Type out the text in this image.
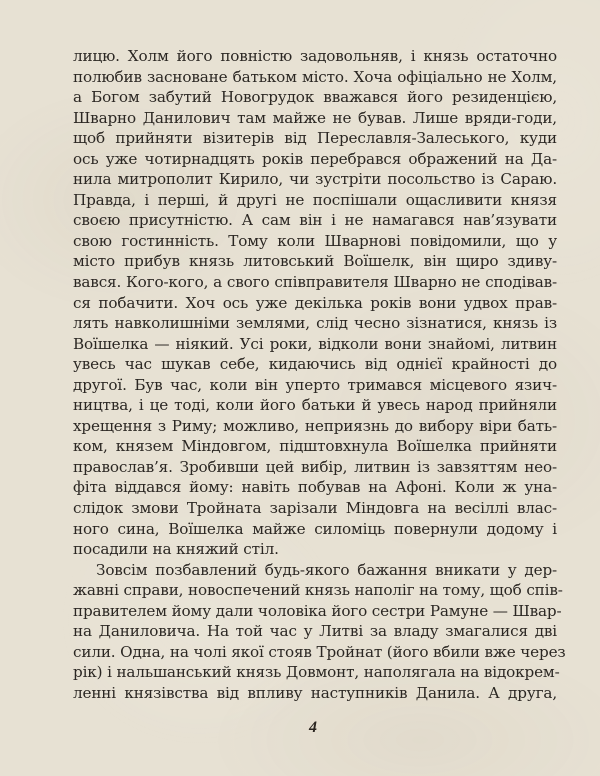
лицю. Холм його повністю задовольняв, і князь остаточно
полюбив засноване батьком місто. Хоча офіціально не Холм,
а Богом забутий Новогрудок вважався його резиденцією,
Шварно Данилович там майже не бував. Лише вряди-годи,
щоб прийняти візитерів від Переславля-Залеського, куди
ось уже чотирнадцять років перебрався ображений на Да-
нила митрополит Кирило, чи зустріти посольство із Сараю.
Правда, і перші, й другі не поспішали ощасливити князя
своєю присутністю. А сам він і не намагався нав’язувати
свою гостинність. Тому коли Шварнові повідомили, що у
місто прибув князь литовський Воїшелк, він щиро здиву-
вався. Кого-кого, а свого співправителя Шварно не сподівав-
ся побачити. Хоч ось уже декілька років вони удвох прав-
лять навколишніми землями, слід чесно зізнатися, князь із
Воїшелка — ніякий. Усі роки, відколи вони знайомі, литвин
увесь час шукав себе, кидаючись від однієї крайності до
другої. Був час, коли він уперто тримався місцевого язич-
ництва, і це тоді, коли його батьки й увесь народ прийняли
хрещення з Риму; можливо, неприязнь до вибору віри бать-
ком, князем Міндовгом, підштовхнула Воїшелка прийняти
православ’я. Зробивши цей вибір, литвин із завзяттям нео-
фіта віддався йому: навіть побував на Афоні. Коли ж уна-
слідок змови Тройната зарізали Міндовга на весіллі влас-
ного сина, Воїшелка майже силоміць повернули додому і
посадили на княжий стіл.
Зовсім позбавлений будь-якого бажання вникати у дер-
жавні справи, новоспечений князь наполіг на тому, щоб спів-
правителем йому дали чоловіка його сестри Рамуне — Швар-
на Даниловича. На той час у Литві за владу змагалися дві
сили. Одна, на чолі якої стояв Тройнат (його вбили вже через
рік) і нальшанський князь Довмонт, наполягала на відокрем-
ленні князівства від впливу наступників Данила. А друга,
4
